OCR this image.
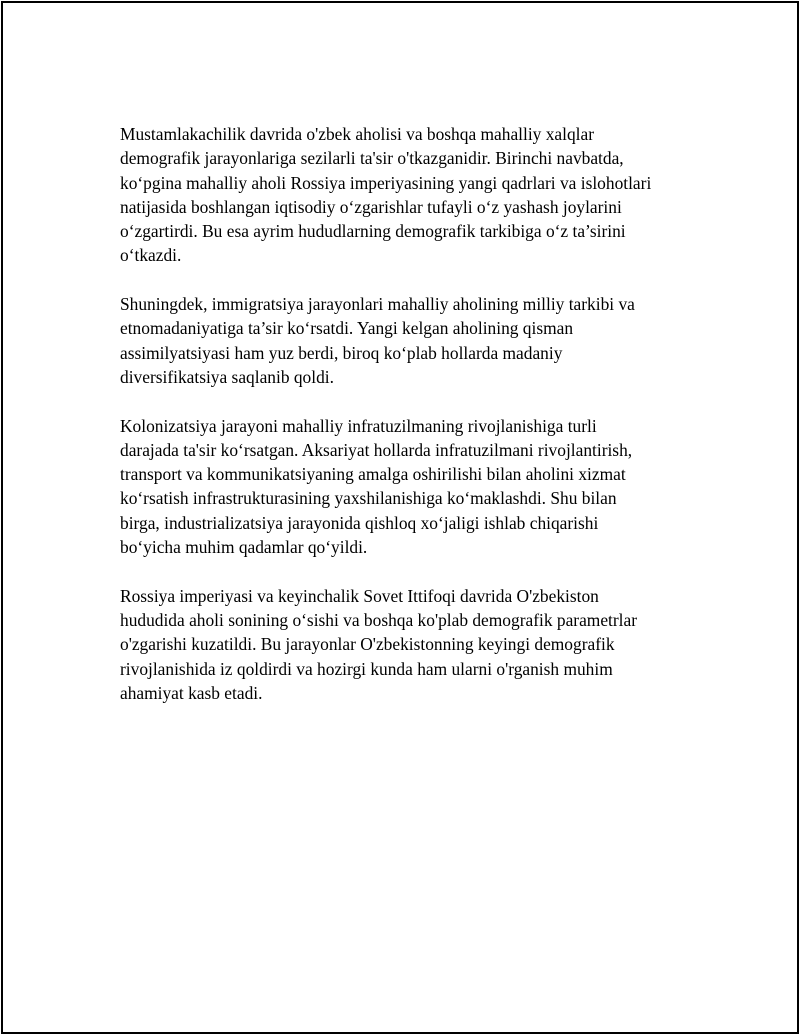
Mustamlakachilik davrida o'zbek aholisi va boshqa mahalliy xalqlar
demografik jarayonlariga sezilarli ta'sir o'tkazganidir. Birinchi navbatda,
ko‘pgina mahalliy aholi Rossiya imperiyasining yangi qadrlari va islohotlari
natijasida boshlangan iqtisodiy o‘zgarishlar tufayli o‘z yashash joylarini
o‘zgartirdi. Bu esa ayrim hududlarning demografik tarkibiga o‘z ta’sirini
o‘tkazdi.

Shuningdek, immigratsiya jarayonlari mahalliy aholining milliy tarkibi va
etnomadaniyatiga ta’sir ko‘rsatdi. Yangi kelgan aholining qisman
assimilyatsiyasi ham yuz berdi, biroq ko‘plab hollarda madaniy
diversifikatsiya saqlanib qoldi.

Kolonizatsiya jarayoni mahalliy infratuzilmaning rivojlanishiga turli
darajada ta'sir ko‘rsatgan. Aksariyat hollarda infratuzilmani rivojlantirish,
transport va kommunikatsiyaning amalga oshirilishi bilan aholini xizmat
ko‘rsatish infrastrukturasining yaxshilanishiga ko‘maklashdi. Shu bilan
birga, industrializatsiya jarayonida qishloq xo‘jaligi ishlab chiqarishi
bo‘yicha muhim qadamlar qo‘yildi.

Rossiya imperiyasi va keyinchalik Sovet Ittifoqi davrida O'zbekiston
hududida aholi sonining o‘sishi va boshqa ko'plab demografik parametrlar
o'zgarishi kuzatildi. Bu jarayonlar O'zbekistonning keyingi demografik
rivojlanishida iz qoldirdi va hozirgi kunda ham ularni o'rganish muhim
ahamiyat kasb etadi.
